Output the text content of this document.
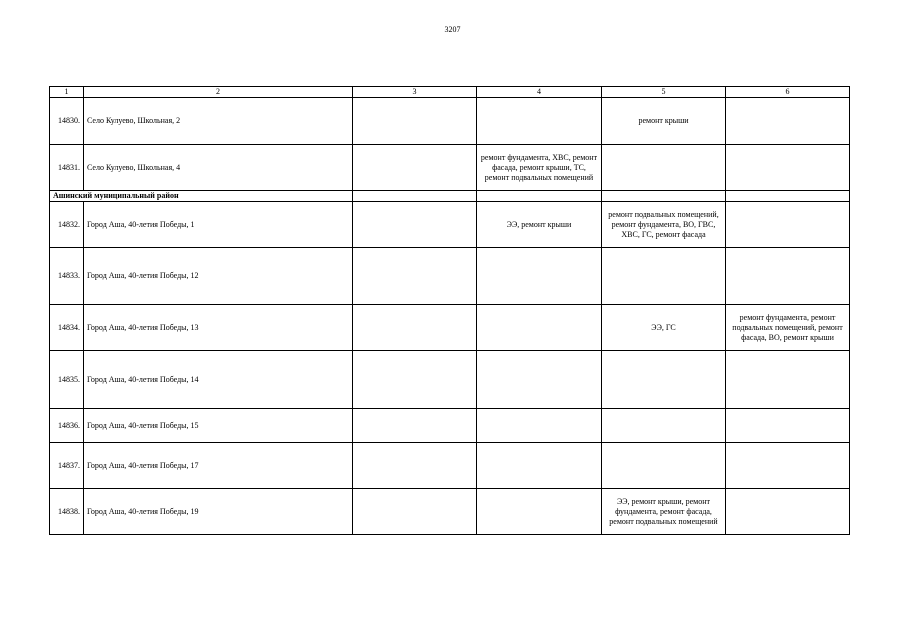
3207
1	2	3	4	5	6
14830.	Село Кулуево, Школьная, 2			ремонт крыши	
14831.	Село Кулуево, Школьная, 4		ремонт фундамента, ХВС, ремонт фасада, ремонт крыши, ТС, ремонт подвальных помещений		
Ашинский муниципальный район					
14832.	Город Аша, 40-летия Победы, 1		ЭЭ, ремонт крыши	ремонт подвальных помещений, ремонт фундамента, ВО, ГВС, ХВС, ГС, ремонт фасада	
14833.	Город Аша, 40-летия Победы, 12				
14834.	Город Аша, 40-летия Победы, 13			ЭЭ, ГС	ремонт фундамента, ремонт подвальных помещений, ремонт фасада, ВО, ремонт крыши
14835.	Город Аша, 40-летия Победы, 14				
14836.	Город Аша, 40-летия Победы, 15				
14837.	Город Аша, 40-летия Победы, 17				
14838.	Город Аша, 40-летия Победы, 19			ЭЭ, ремонт крыши, ремонт фундамента, ремонт фасада, ремонт подвальных помещений	
